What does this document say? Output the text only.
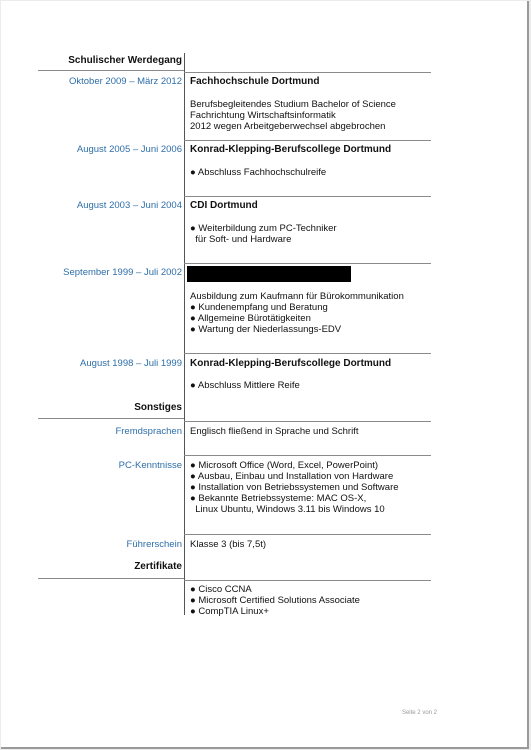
Schulischer Werdegang
Oktober 2009 – März 2012 Fachhochschule Dortmund
Berufsbegleitendes Studium Bachelor of Science
Fachrichtung Wirtschaftsinformatik
2012 wegen Arbeitgeberwechsel abgebrochen
August 2005 – Juni 2006 Konrad-Klepping-Berufscollege Dortmund
● Abschluss Fachhochschulreife
August 2003 – Juni 2004 CDI Dortmund
● Weiterbildung zum PC-Techniker
für Soft- und Hardware
September 1999 – Juli 2002
Ausbildung zum Kaufmann für Bürokommunikation
● Kundenempfang und Beratung
● Allgemeine Bürotätigkeiten
● Wartung der Niederlassungs-EDV
August 1998 – Juli 1999 Konrad-Klepping-Berufscollege Dortmund
● Abschluss Mittlere Reife
Sonstiges
Fremdsprachen Englisch fließend in Sprache und Schrift
PC-Kenntnisse ● Microsoft Office (Word, Excel, PowerPoint)
● Ausbau, Einbau und Installation von Hardware
● Installation von Betriebssystemen und Software
● Bekannte Betriebssysteme: MAC OS-X,
Linux Ubuntu, Windows 3.11 bis Windows 10
Führerschein Klasse 3 (bis 7,5t)
Zertifikate
● Cisco CCNA
● Microsoft Certified Solutions Associate
● CompTIA Linux+
Seite 2 von 2
